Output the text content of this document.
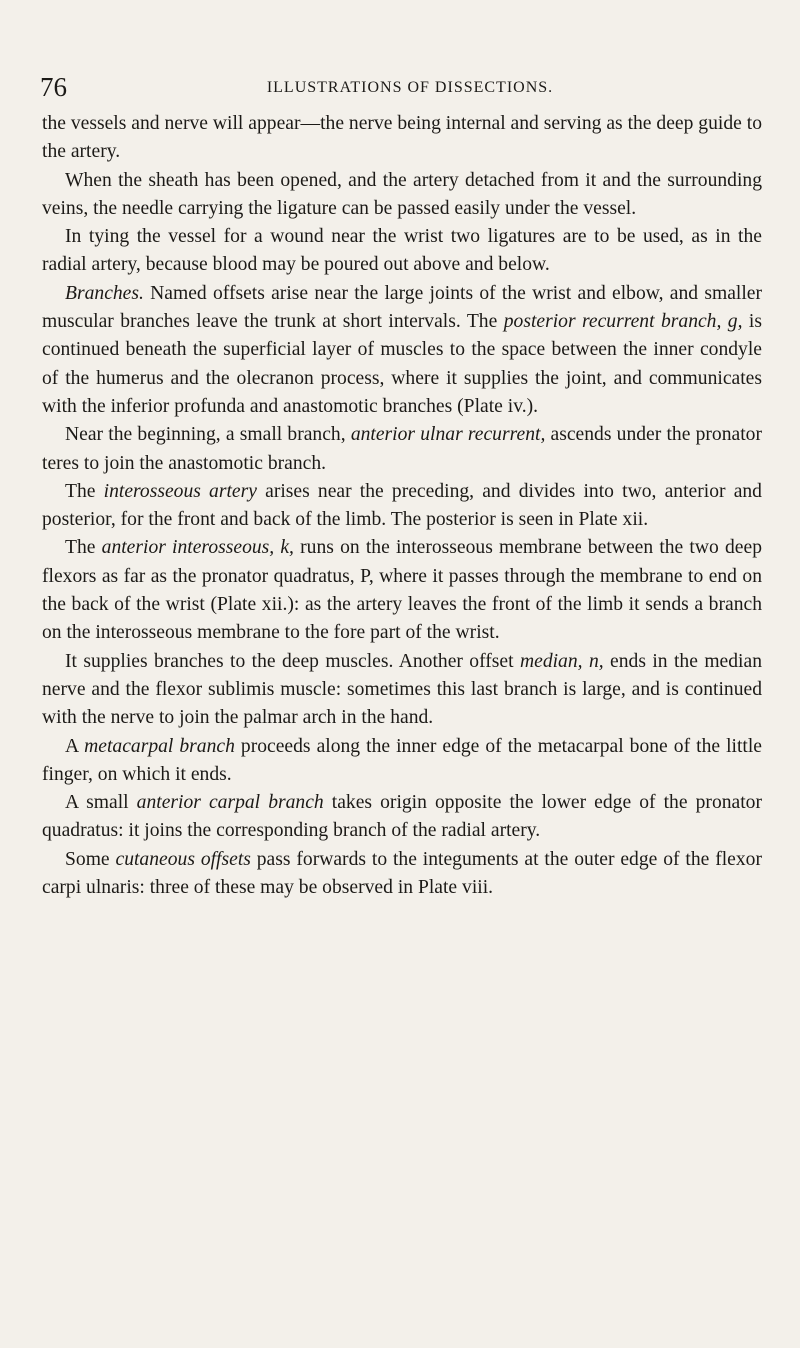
76	ILLUSTRATIONS OF DISSECTIONS.

the vessels and nerve will appear—the nerve being internal and serving as the deep guide to the artery.

When the sheath has been opened, and the artery detached from it and the surrounding veins, the needle carrying the ligature can be passed easily under the vessel.

In tying the vessel for a wound near the wrist two ligatures are to be used, as in the radial artery, because blood may be poured out above and below.

Branches. Named offsets arise near the large joints of the wrist and elbow, and smaller muscular branches leave the trunk at short intervals. The posterior recurrent branch, g, is continued beneath the superficial layer of muscles to the space between the inner condyle of the humerus and the olecranon process, where it supplies the joint, and communicates with the inferior profunda and anastomotic branches (Plate iv.).

Near the beginning, a small branch, anterior ulnar recurrent, ascends under the pronator teres to join the anastomotic branch.

The interosseous artery arises near the preceding, and divides into two, anterior and posterior, for the front and back of the limb. The posterior is seen in Plate xii.

The anterior interosseous, k, runs on the interosseous membrane between the two deep flexors as far as the pronator quadratus, P, where it passes through the membrane to end on the back of the wrist (Plate xii.): as the artery leaves the front of the limb it sends a branch on the interosseous membrane to the fore part of the wrist.

It supplies branches to the deep muscles. Another offset median, n, ends in the median nerve and the flexor sublimis muscle: sometimes this last branch is large, and is continued with the nerve to join the palmar arch in the hand.

A metacarpal branch proceeds along the inner edge of the metacarpal bone of the little finger, on which it ends.

A small anterior carpal branch takes origin opposite the lower edge of the pronator quadratus: it joins the corresponding branch of the radial artery.

Some cutaneous offsets pass forwards to the integuments at the outer edge of the flexor carpi ulnaris: three of these may be observed in Plate viii.
